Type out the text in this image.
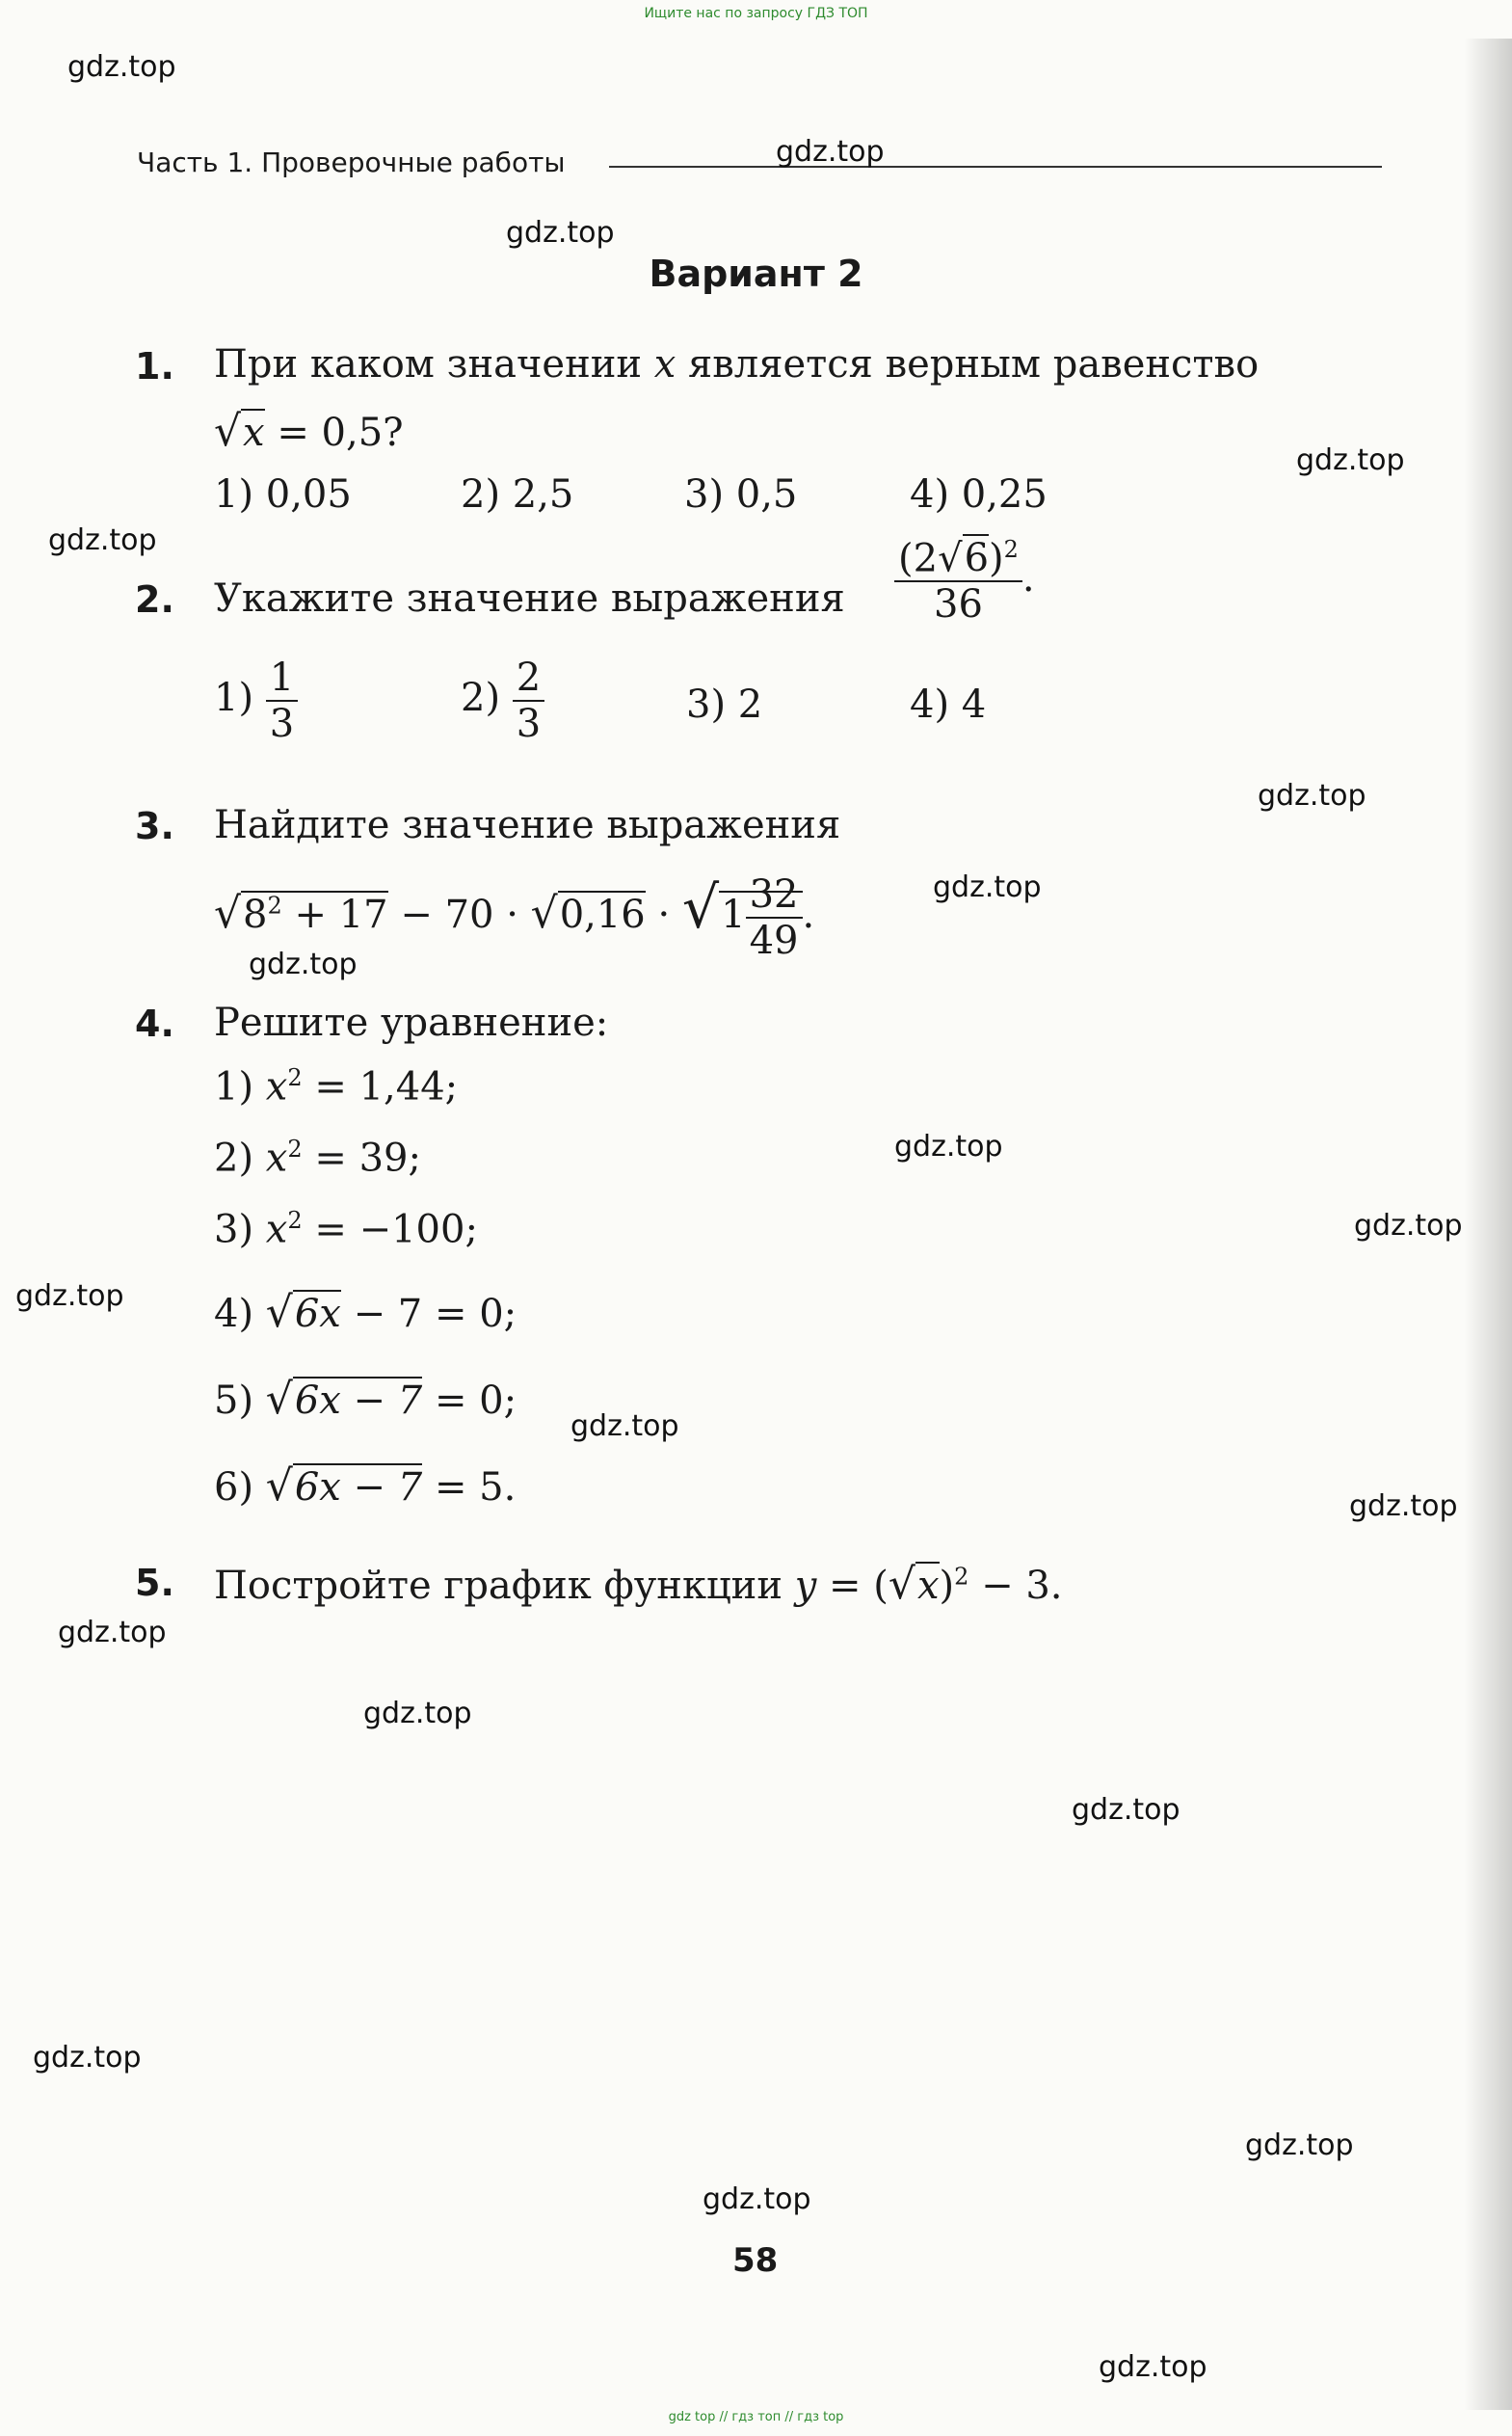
Ищите нас по запросу ГДЗ ТОП
Часть 1. Проверочные работы
Вариант 2
1. При каком значении x является верным равенство
√x = 0,5?
1) 0,05	2) 2,5	3) 0,5	4) 0,25
2. Укажите значение выражения $\frac{(2√6)^2}{36}$ .
$1) \frac{1}{3}$	$2) \frac{2}{3}$	3) 2	4) 4
3. Найдите значение выражения
$√8^2 + 17 - 70 \cdot √0,16 \cdot √1 \frac{32}{49}$ .
4. Решите уравнение:
1) $x^2 = 1,44$;
2) $x^2 = 39$;
3) $x^2 = -100$;
4) √6x − 7 = 0;
5) √6x − 7 = 0;
6) √6x − 7 = 5.
5. Постройте график функции $y = (√x)^2 - 3$.
58
gdz.top
gdz.top
gdz.top
gdz.top
gdz.top
gdz.top
gdz.top
gdz.top
gdz.top
gdz.top
gdz.top
gdz.top
gdz.top
gdz.top
gdz.top
gdz.top
gdz.top
gdz.top
gdz.top
gdz.top
gdz top // гдз топ // гдз top
